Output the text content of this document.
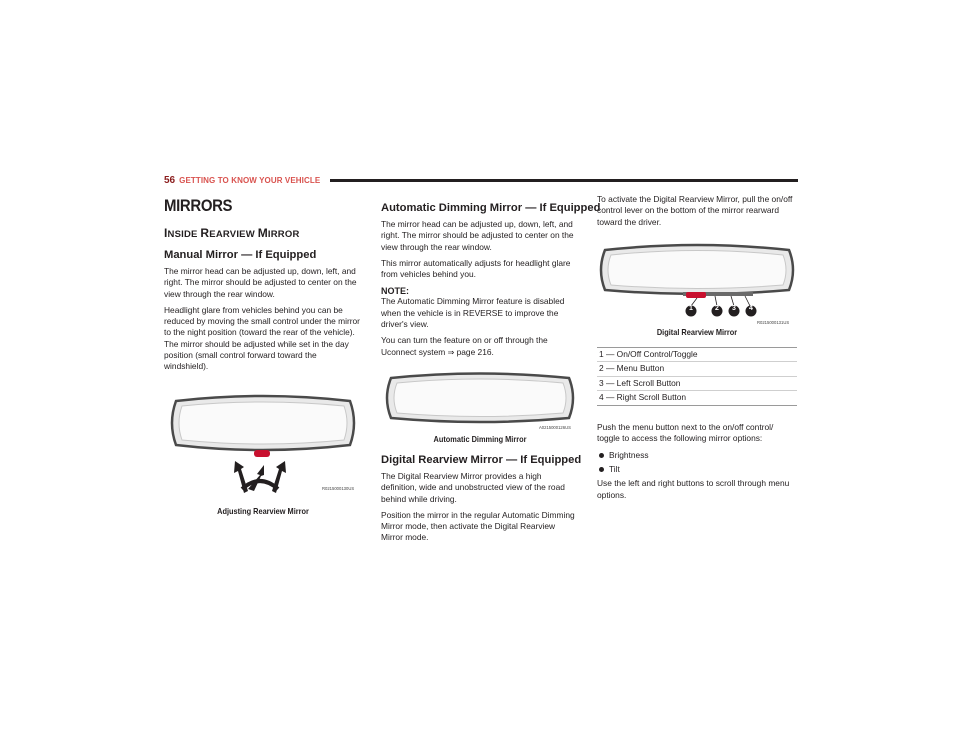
56 GETTING TO KNOW YOUR VEHICLE
MIRRORS
INSIDE REARVIEW MIRROR
Manual Mirror — If Equipped

The mirror head can be adjusted up, down, left, and right. The mirror should be adjusted to center on the view through the rear window.

Headlight glare from vehicles behind you can be reduced by moving the small control under the mirror to the night position (toward the rear of the vehicle). The mirror should be adjusted while set in the day position (small control forward toward the windshield).

R0215000130US
Adjusting Rearview Mirror
Automatic Dimming Mirror — If Equipped

The mirror head can be adjusted up, down, left, and right. The mirror should be adjusted to center on the view through the rear window.

This mirror automatically adjusts for headlight glare from vehicles behind you.

NOTE:

The Automatic Dimming Mirror feature is disabled when the vehicle is in REVERSE to improve the driver's view.

You can turn the feature on or off through the Uconnect system ⇒ page 216.

A0215000126US
Automatic Dimming Mirror
Digital Rearview Mirror — If Equipped

The Digital Rearview Mirror provides a high definition, wide and unobstructed view of the road behind while driving.

Position the mirror in the regular Automatic Dimming Mirror mode, then activate the Digital Rearview Mirror mode.

To activate the Digital Rearview Mirror, pull the on/off control lever on the bottom of the mirror rearward toward the driver.

1	2	3	4
R0215000131US
Digital Rearview Mirror
1 — On/Off Control/Toggle
2 — Menu Button
3 — Left Scroll Button
4 — Right Scroll Button

Push the menu button next to the on/off control/ toggle to access the following mirror options:

Brightness
Tilt

Use the left and right buttons to scroll through menu options.
